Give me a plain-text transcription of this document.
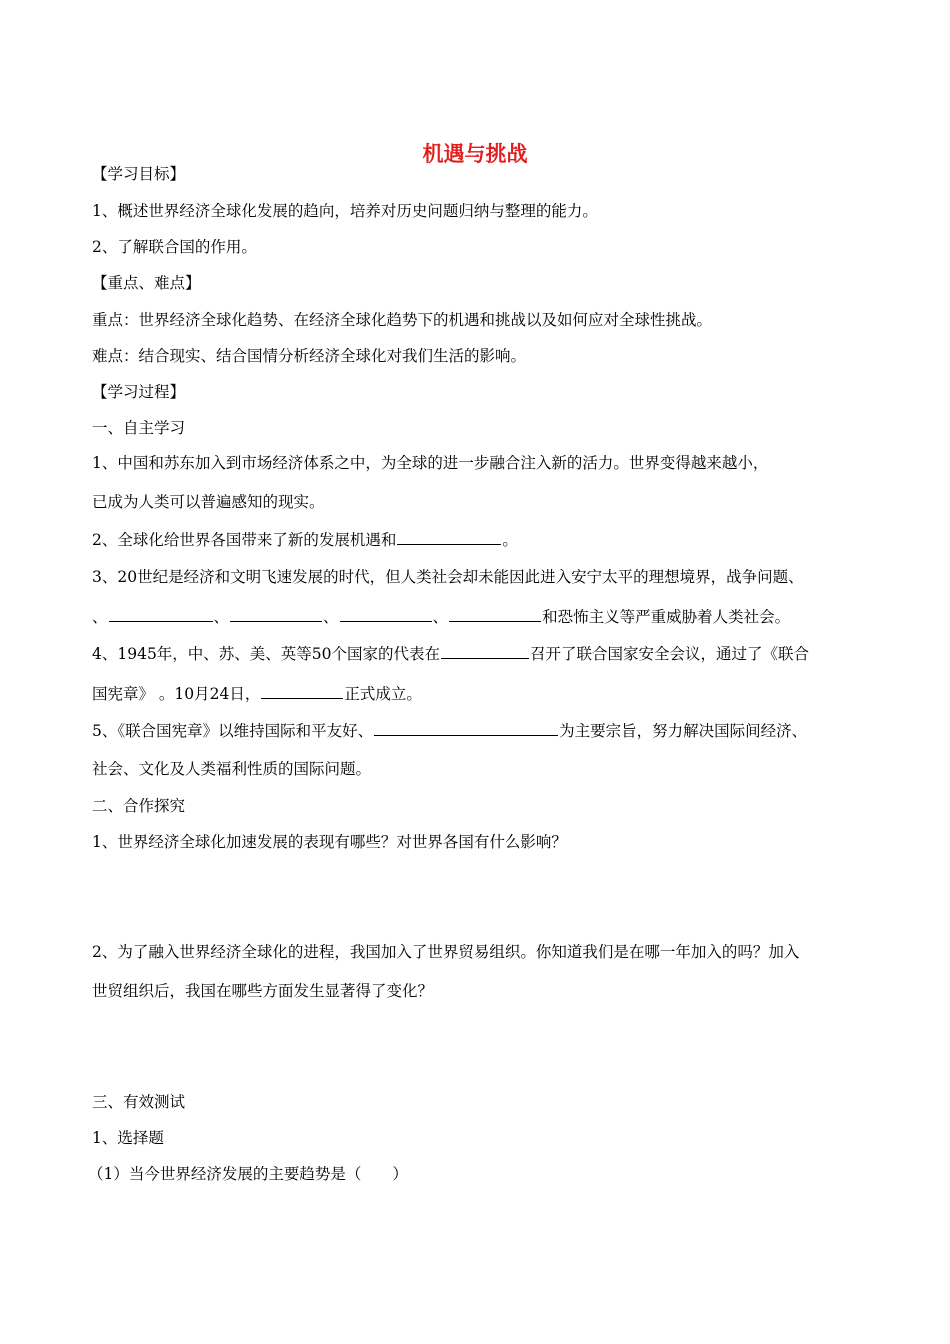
机遇与挑战
【学习目标】
1、概述世界经济全球化发展的趋向，培养对历史问题归纳与整理的能力。
2、了解联合国的作用。
【重点、难点】
重点：世界经济全球化趋势、在经济全球化趋势下的机遇和挑战以及如何应对全球性挑战。
难点：结合现实、结合国情分析经济全球化对我们生活的影响。
【学习过程】
一、自主学习
1、中国和苏东加入到市场经济体系之中，为全球的进一步融合注入新的活力。世界变得越来越小，
已成为人类可以普遍感知的现实。
2、全球化给世界各国带来了新的发展机遇和	。
3、20世纪是经济和文明飞速发展的时代，但人类社会却未能因此进入安宁太平的理想境界，战争问题、
、	、	、	、	和恐怖主义等严重威胁着人类社会。
4、1945年，中、苏、美、英等50个国家的代表在	召开了联合国家安全会议，通过了《联合
国宪章》 。10月24日，	正式成立。
5、《联合国宪章》以维持国际和平友好、	为主要宗旨，努力解决国际间经济、
社会、文化及人类福利性质的国际问题。
二、合作探究
1、世界经济全球化加速发展的表现有哪些？对世界各国有什么影响？
2、为了融入世界经济全球化的进程，我国加入了世界贸易组织。你知道我们是在哪一年加入的吗？加入
世贸组织后，我国在哪些方面发生显著得了变化？
三、有效测试
1、选择题
（1）当今世界经济发展的主要趋势是（　　）
